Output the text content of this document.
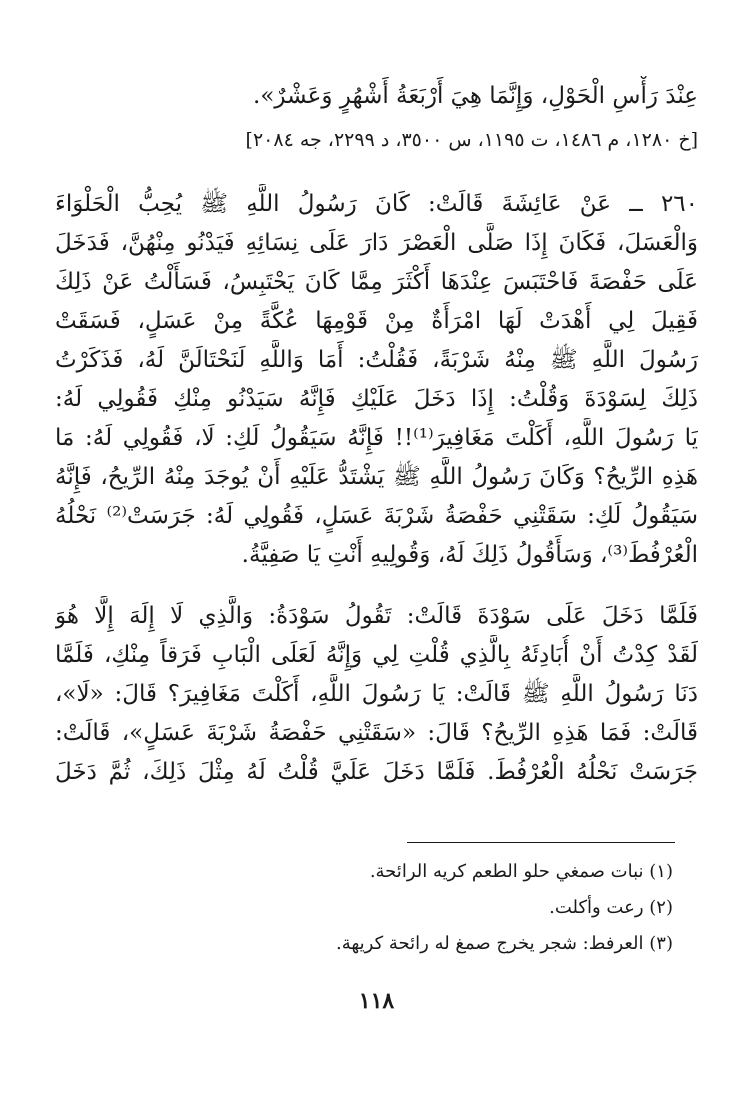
عِنْدَ رَأْسِ الْحَوْلِ، وَإِنَّمَا هِيَ أَرْبَعَةُ أَشْهُرٍ وَعَشْرٌ».
[خ ١٢٨٠، م ١٤٨٦، ت ١١٩٥، س ٣٥٠٠، د ٢٢٩٩، جه ٢٠٨٤]
٢٦٠ ــ عَنْ عَائِشَةَ قَالَتْ: كَانَ رَسُولُ اللَّهِ ﷺ يُحِبُّ الْحَلْوَاءَ
وَالْعَسَلَ، فَكَانَ إِذَا صَلَّى الْعَصْرَ دَارَ عَلَى نِسَائِهِ فَيَدْنُو مِنْهُنَّ، فَدَخَلَ
عَلَى حَفْصَةَ فَاحْتَبَسَ عِنْدَهَا أَكْثَرَ مِمَّا كَانَ يَحْتَبِسُ، فَسَأَلْتُ عَنْ ذَلِكَ
فَقِيلَ لِي أَهْدَتْ لَهَا امْرَأَةٌ مِنْ قَوْمِهَا عُكَّةً مِنْ عَسَلٍ، فَسَقَتْ
رَسُولَ اللَّهِ ﷺ مِنْهُ شَرْبَةً، فَقُلْتُ: أَمَا وَاللَّهِ لَنَحْتَالَنَّ لَهُ، فَذَكَرْتُ
ذَلِكَ لِسَوْدَةَ وَقُلْتُ: إِذَا دَخَلَ عَلَيْكِ فَإِنَّهُ سَيَدْنُو مِنْكِ فَقُولِي لَهُ:
يَا رَسُولَ اللَّهِ، أَكَلْتَ مَغَافِيرَ⁽¹⁾!! فَإِنَّهُ سَيَقُولُ لَكِ: لَا، فَقُولِي لَهُ: مَا
هَذِهِ الرِّيحُ؟ وَكَانَ رَسُولُ اللَّهِ ﷺ يَشْتَدُّ عَلَيْهِ أَنْ يُوجَدَ مِنْهُ الرِّيحُ، فَإِنَّهُ
سَيَقُولُ لَكِ: سَقَتْنِي حَفْصَةُ شَرْبَةَ عَسَلٍ، فَقُولِي لَهُ: جَرَسَتْ⁽²⁾ نَحْلُهُ
الْعُرْفُطَ⁽³⁾، وَسَأَقُولُ ذَلِكَ لَهُ، وَقُولِيهِ أَنْتِ يَا صَفِيَّةُ.
فَلَمَّا دَخَلَ عَلَى سَوْدَةَ قَالَتْ: تَقُولُ سَوْدَةُ: وَالَّذِي لَا إِلَهَ إِلَّا هُوَ
لَقَدْ كِدْتُ أَنْ أُبَادِئَهُ بِالَّذِي قُلْتِ لِي وَإِنَّهُ لَعَلَى الْبَابِ فَرَقاً مِنْكِ، فَلَمَّا
دَنَا رَسُولُ اللَّهِ ﷺ قَالَتْ: يَا رَسُولَ اللَّهِ، أَكَلْتَ مَغَافِيرَ؟ قَالَ: «لَا»،
قَالَتْ: فَمَا هَذِهِ الرِّيحُ؟ قَالَ: «سَقَتْنِي حَفْصَةُ شَرْبَةَ عَسَلٍ»، قَالَتْ:
جَرَسَتْ نَحْلُهُ الْعُرْفُطَ. فَلَمَّا دَخَلَ عَلَيَّ قُلْتُ لَهُ مِثْلَ ذَلِكَ، ثُمَّ دَخَلَ
(١) نبات صمغي حلو الطعم كريه الرائحة.
(٢) رعت وأكلت.
(٣) العرفط: شجر يخرج صمغ له رائحة كريهة.
١١٨
